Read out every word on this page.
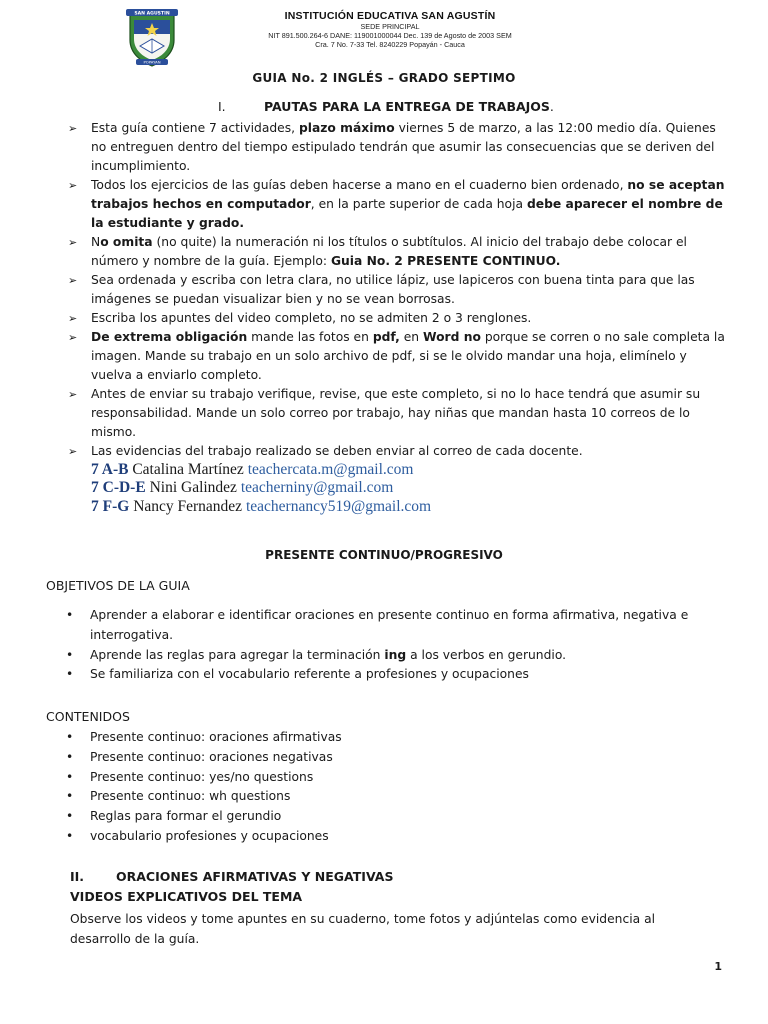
SAN AGUSTIN
POPAYAN
INSTITUCIÓN EDUCATIVA SAN AGUSTÍN
SEDE PRINCIPAL
NIT 891.500.264-6 DANE: 119001000044 Dec. 139 de Agosto de 2003 SEM
Cra. 7 No. 7-33 Tel. 8240229 Popayán - Cauca
GUIA No. 2 INGLÉS – GRADO SEPTIMO
I.	PAUTAS PARA LA ENTREGA DE TRABAJOS.
➢ Esta guía contiene 7 actividades, plazo máximo viernes 5 de marzo, a las 12:00 medio día. Quienes no entreguen dentro del tiempo estipulado tendrán que asumir las consecuencias que se deriven del incumplimiento.
➢ Todos los ejercicios de las guías deben hacerse a mano en el cuaderno bien ordenado, no se aceptan trabajos hechos en computador, en la parte superior de cada hoja debe aparecer el nombre de la estudiante y grado.
➢ No omita (no quite) la numeración ni los títulos o subtítulos. Al inicio del trabajo debe colocar el número y nombre de la guía. Ejemplo: Guia No. 2 PRESENTE CONTINUO.
➢ Sea ordenada y escriba con letra clara, no utilice lápiz, use lapiceros con buena tinta para que las imágenes se puedan visualizar bien y no se vean borrosas.
➢ Escriba los apuntes del video completo, no se admiten 2 o 3 renglones.
➢ De extrema obligación mande las fotos en pdf, en Word no porque se corren o no sale completa la imagen. Mande su trabajo en un solo archivo de pdf, si se le olvido mandar una hoja, elimínelo y vuelva a enviarlo completo.
➢ Antes de enviar su trabajo verifique, revise, que este completo, si no lo hace tendrá que asumir su responsabilidad. Mande un solo correo por trabajo, hay niñas que mandan hasta 10 correos de lo mismo.
➢ Las evidencias del trabajo realizado se deben enviar al correo de cada docente.
7 A-B Catalina Martínez teachercata.m@gmail.com
7 C-D-E Nini Galindez teacherniny@gmail.com
7 F-G Nancy Fernandez teachernancy519@gmail.com
PRESENTE CONTINUO/PROGRESIVO
OBJETIVOS DE LA GUIA
• Aprender a elaborar e identificar oraciones en presente continuo en forma afirmativa, negativa e interrogativa.
• Aprende las reglas para agregar la terminación ing a los verbos en gerundio.
• Se familiariza con el vocabulario referente a profesiones y ocupaciones
CONTENIDOS
• Presente continuo: oraciones afirmativas
• Presente continuo: oraciones negativas
• Presente continuo: yes/no questions
• Presente continuo: wh questions
• Reglas para formar el gerundio
• vocabulario profesiones y ocupaciones
II.	ORACIONES AFIRMATIVAS Y NEGATIVAS
VIDEOS EXPLICATIVOS DEL TEMA
Observe los videos y tome apuntes en su cuaderno, tome fotos y adjúntelas como evidencia al desarrollo de la guía.
1
